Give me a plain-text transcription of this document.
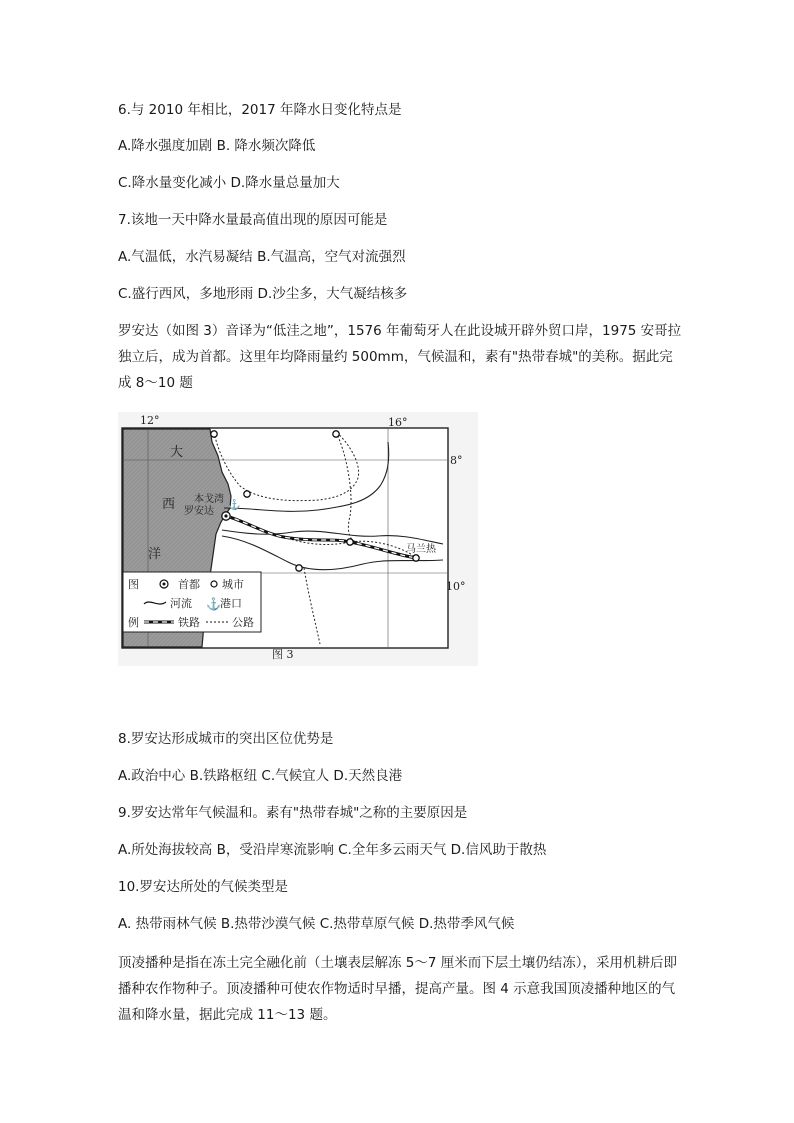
6.与 2010 年相比，2017 年降水日变化特点是
A.降水强度加剧 B. 降水频次降低
C.降水量变化减小 D.降水量总量加大
7.该地一天中降水量最高值出现的原因可能是
A.气温低，水汽易凝结 B.气温高，空气对流强烈
C.盛行西风，多地形雨 D.沙尘多，大气凝结核多
罗安达（如图 3）音译为“低洼之地”，1576 年葡萄牙人在此设城开辟外贸口岸，1975 安哥拉独立后，成为首都。这里年均降雨量约 500mm，气候温和，素有"热带春城"的美称。据此完成 8～10 题
⚓
12°	16°
8°
10°
大
西
洋
本戈湾
罗安达
马兰热
图
例
首都 城市
河流 ⚓ 港口
铁路	公路
图 3
8.罗安达形成城市的突出区位优势是
A.政治中心 B.铁路枢纽 C.气候宜人 D.天然良港
9.罗安达常年气候温和。素有"热带春城"之称的主要原因是
A.所处海拔较高 B，受沿岸寒流影响 C.全年多云雨天气 D.信风助于散热
10.罗安达所处的气候类型是
A. 热带雨林气候 B.热带沙漠气候 C.热带草原气候 D.热带季风气候
顶凌播种是指在冻土完全融化前（土壤表层解冻 5～7 厘米而下层土壤仍结冻），采用机耕后即播种农作物种子。顶凌播种可使农作物适时早播，提高产量。图 4 示意我国顶凌播种地区的气温和降水量，据此完成 11～13 题。
